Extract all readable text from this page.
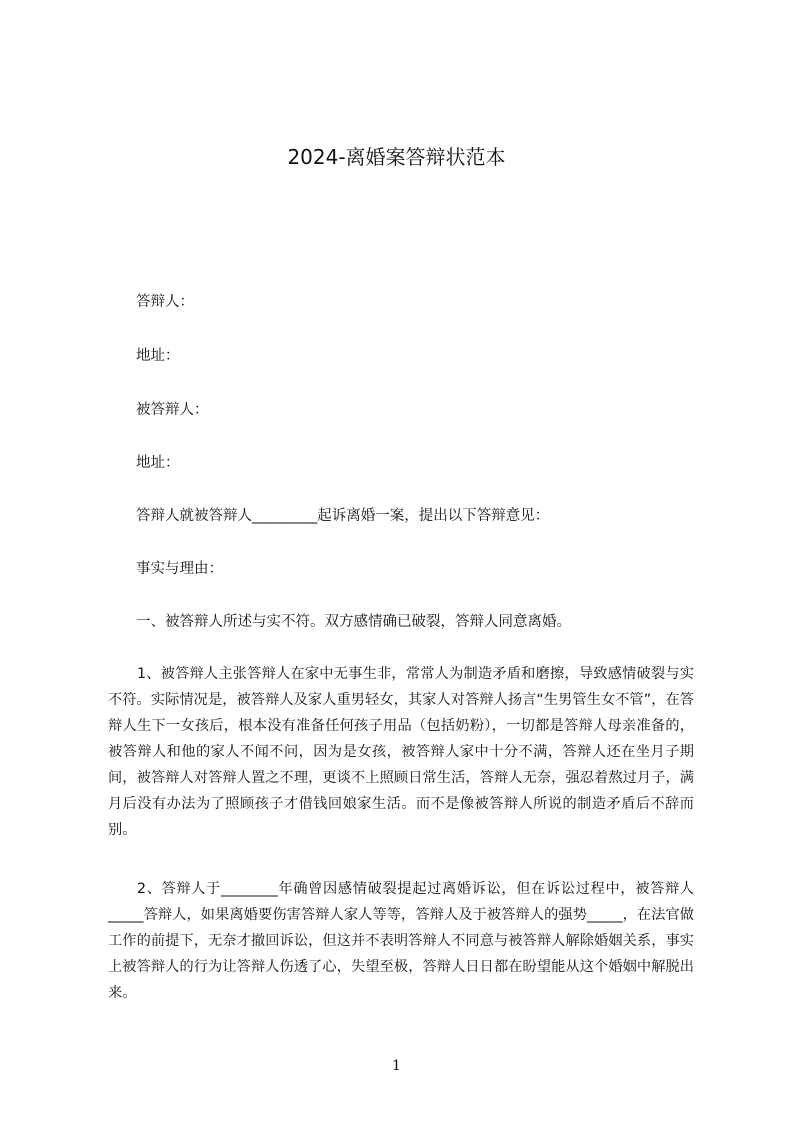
2024-离婚案答辩状范本

答辩人：

地址：

被答辩人：

地址：

答辩人就被答辩人_________起诉离婚一案，提出以下答辩意见：

事实与理由：

一、被答辩人所述与实不符。双方感情确已破裂，答辩人同意离婚。

1、被答辩人主张答辩人在家中无事生非，常常人为制造矛盾和磨擦，导致感情破裂与实不符。实际情况是，被答辩人及家人重男轻女，其家人对答辩人扬言“生男管生女不管”，在答辩人生下一女孩后，根本没有准备任何孩子用品（包括奶粉），一切都是答辩人母亲准备的，被答辩人和他的家人不闻不问，因为是女孩，被答辩人家中十分不满，答辩人还在坐月子期间，被答辩人对答辩人置之不理，更谈不上照顾日常生活，答辩人无奈，强忍着熬过月子，满月后没有办法为了照顾孩子才借钱回娘家生活。而不是像被答辩人所说的制造矛盾后不辞而别。

2、答辩人于________年确曾因感情破裂提起过离婚诉讼，但在诉讼过程中，被答辩人_____答辩人，如果离婚要伤害答辩人家人等等，答辩人及于被答辩人的强势_____，在法官做工作的前提下，无奈才撤回诉讼，但这并不表明答辩人不同意与被答辩人解除婚姻关系，事实上被答辩人的行为让答辩人伤透了心，失望至极，答辩人日日都在盼望能从这个婚姻中解脱出来。

1
